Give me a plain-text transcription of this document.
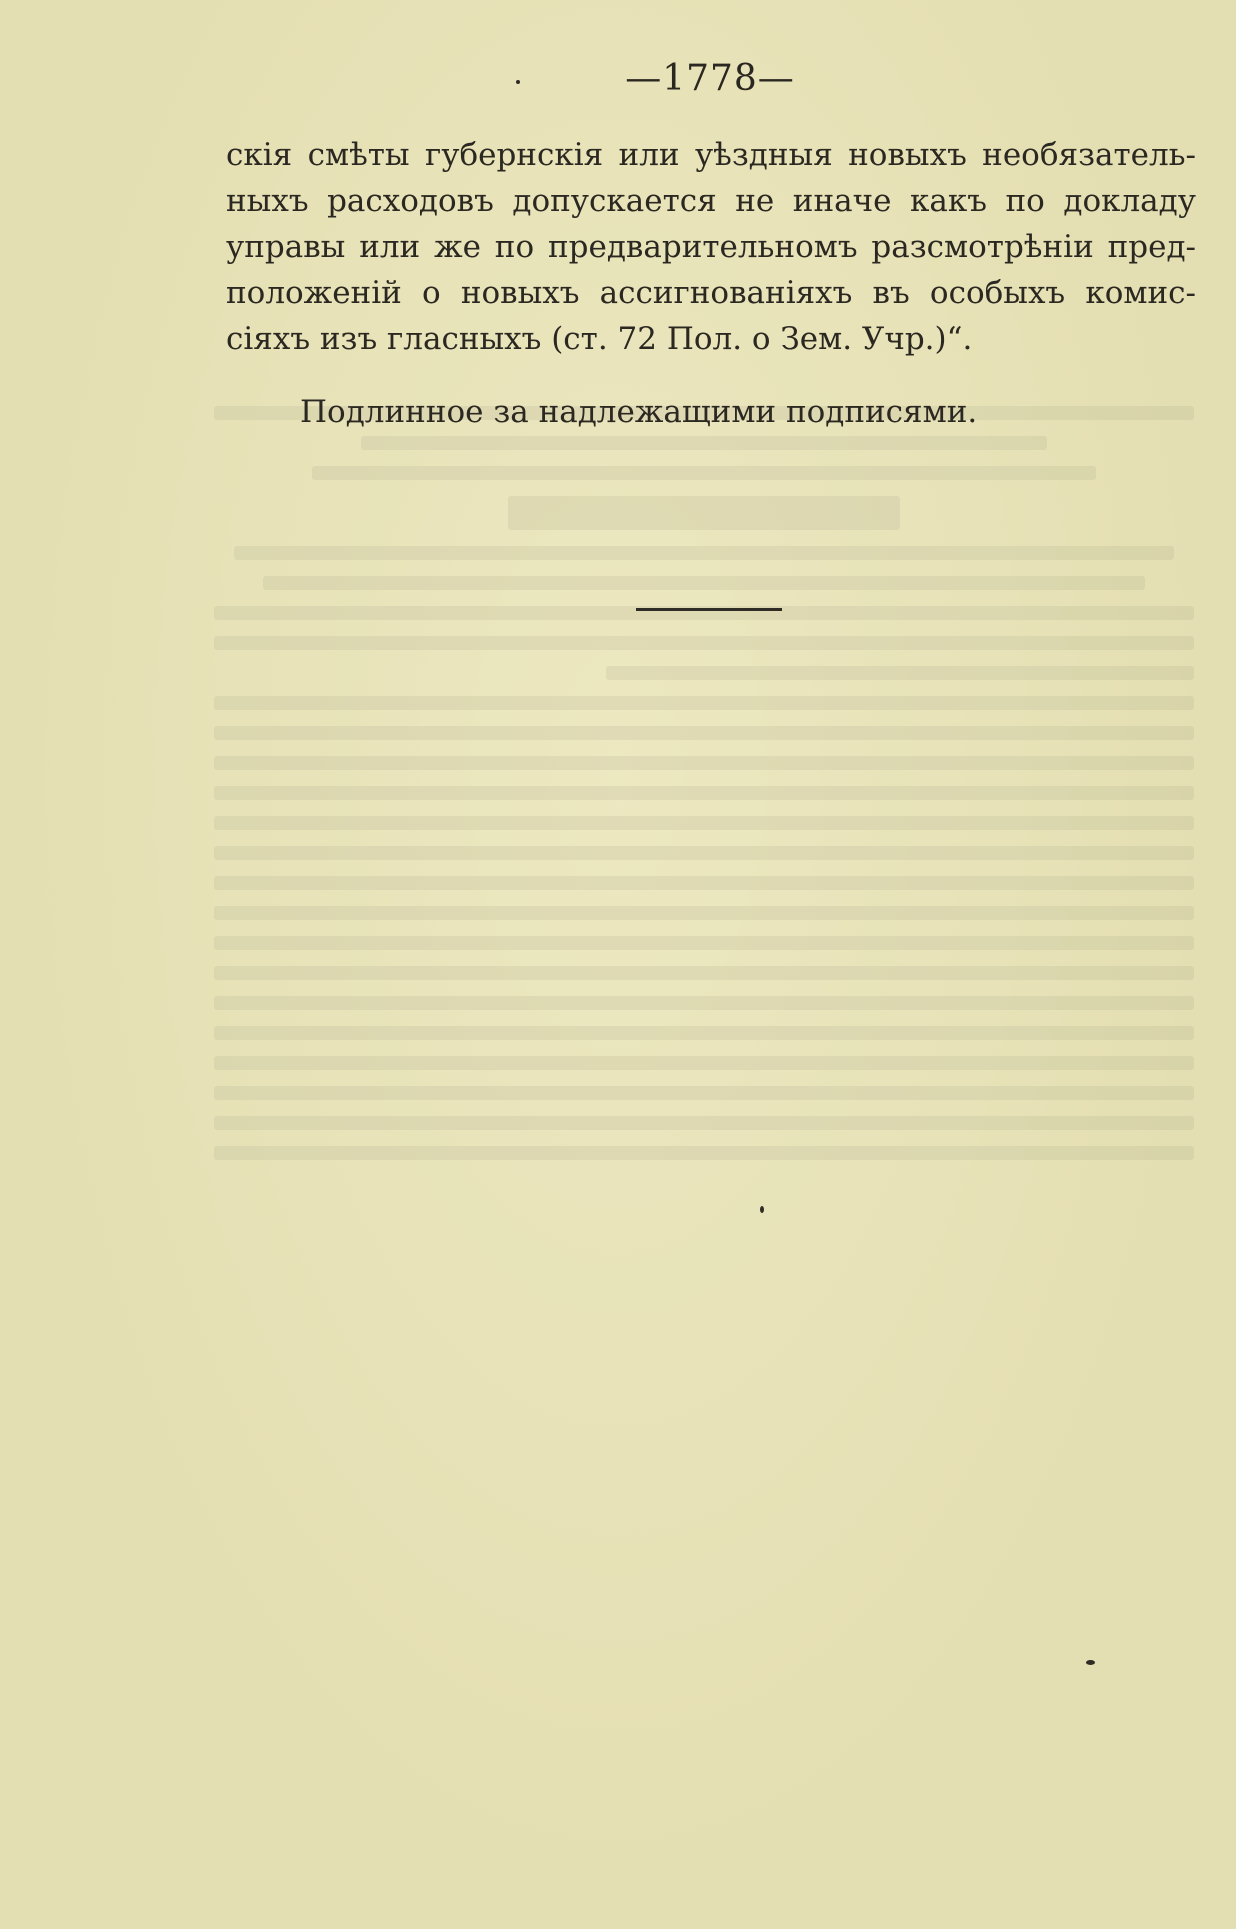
—1778—
скія смѣты губернскія или уѣздныя новыхъ необязатель-
ныхъ расходовъ допускается не иначе какъ по докладу
управы или же по предварительномъ разсмотрѣніи пред-
положеній о новыхъ ассигнованіяхъ въ особыхъ комис-
сіяхъ изъ гласныхъ (ст. 72 Пол. о Зем. Учр.)“.
Подлинное за надлежащими подписями.
